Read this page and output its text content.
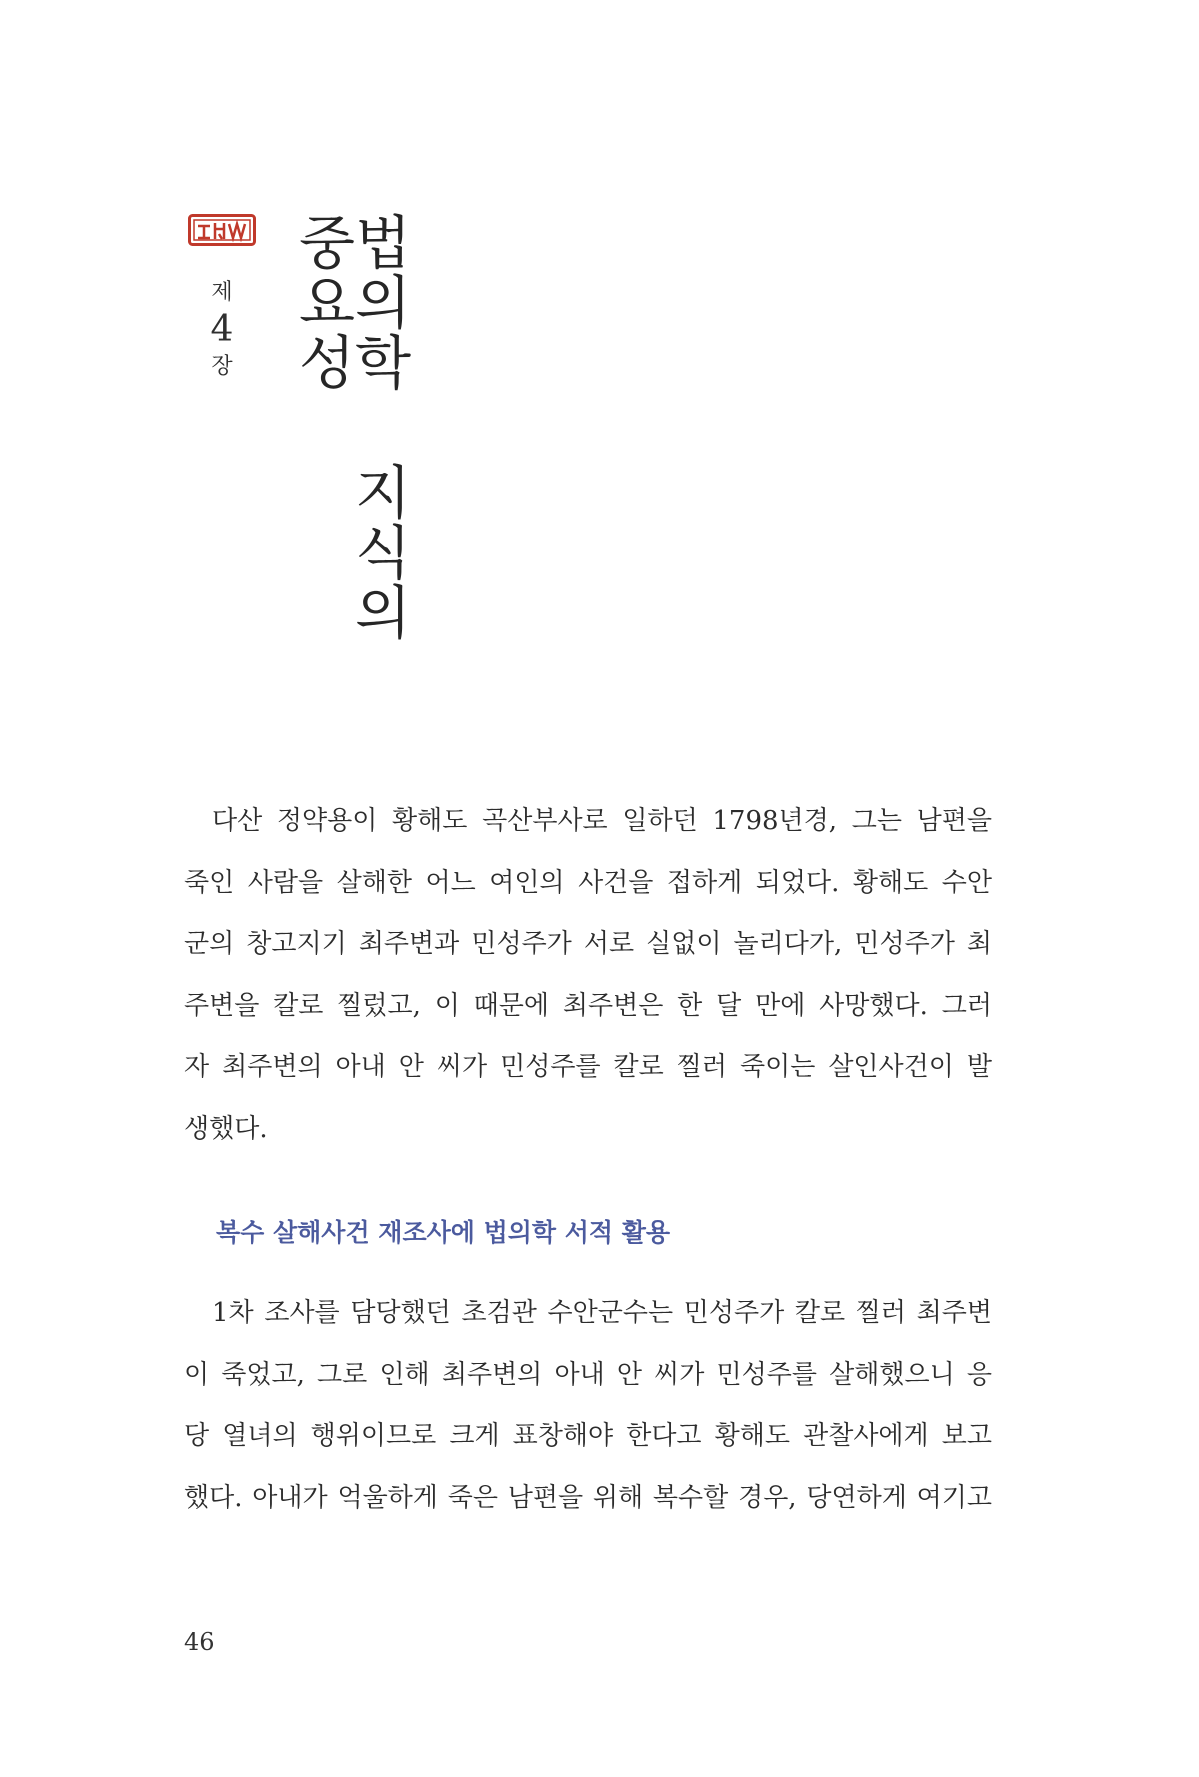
제
4
장 법의학 지식의
중요성

다산 정약용이 황해도 곡산부사로 일하던 1798년경, 그는 남편을
죽인 사람을 살해한 어느 여인의 사건을 접하게 되었다. 황해도 수안
군의 창고지기 최주변과 민성주가 서로 실없이 놀리다가, 민성주가 최
주변을 칼로 찔렀고, 이 때문에 최주변은 한 달 만에 사망했다. 그러
자 최주변의 아내 안 씨가 민성주를 칼로 찔러 죽이는 살인사건이 발
생했다.

복수 살해사건 재조사에 법의학 서적 활용

1차 조사를 담당했던 초검관 수안군수는 민성주가 칼로 찔러 최주변
이 죽었고, 그로 인해 최주변의 아내 안 씨가 민성주를 살해했으니 응
당 열녀의 행위이므로 크게 표창해야 한다고 황해도 관찰사에게 보고
했다. 아내가 억울하게 죽은 남편을 위해 복수할 경우, 당연하게 여기고

46
